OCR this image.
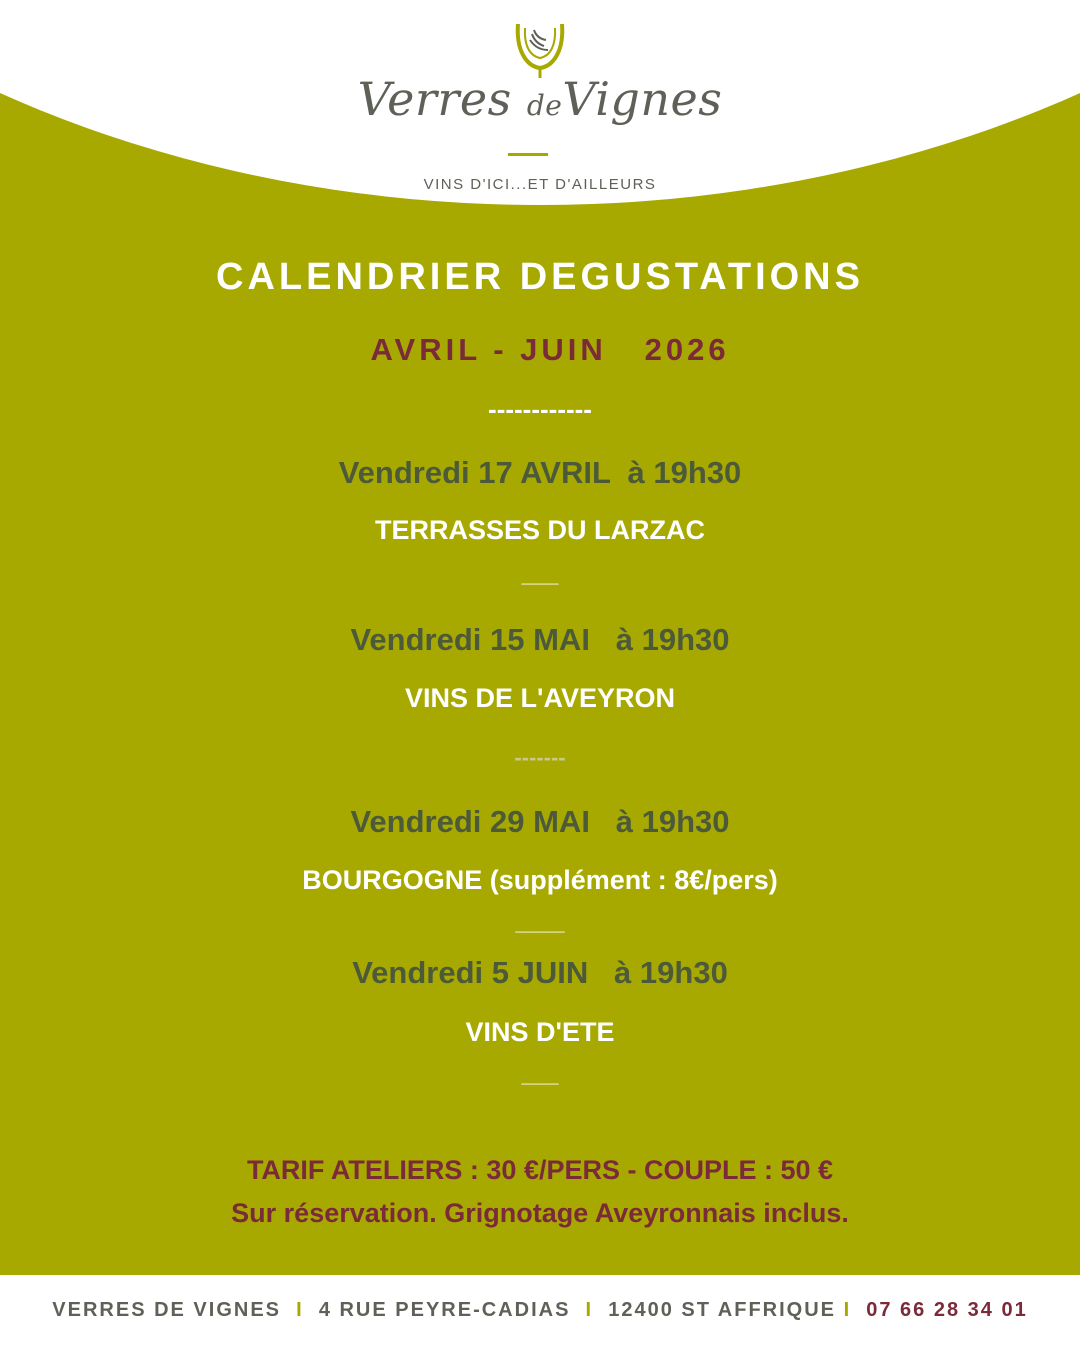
Verres deVignes
VINS D'ICI...ET D'AILLEURS
CALENDRIER DEGUSTATIONS
AVRIL - JUIN   2026
------------
Vendredi 17 AVRIL  à 19h30
TERRASSES DU LARZAC
___
Vendredi 15 MAI   à 19h30
VINS DE L'AVEYRON
-------
Vendredi 29 MAI   à 19h30
BOURGOGNE (supplément : 8€/pers)
____
Vendredi 5 JUIN   à 19h30
VINS D'ETE
___
TARIF ATELIERS : 30 €/PERS - COUPLE : 50 €
Sur réservation. Grignotage Aveyronnais inclus.
VERRES DE VIGNES I 4 RUE PEYRE-CADIAS I 12400 ST AFFRIQUE I 07 66 28 34 01
